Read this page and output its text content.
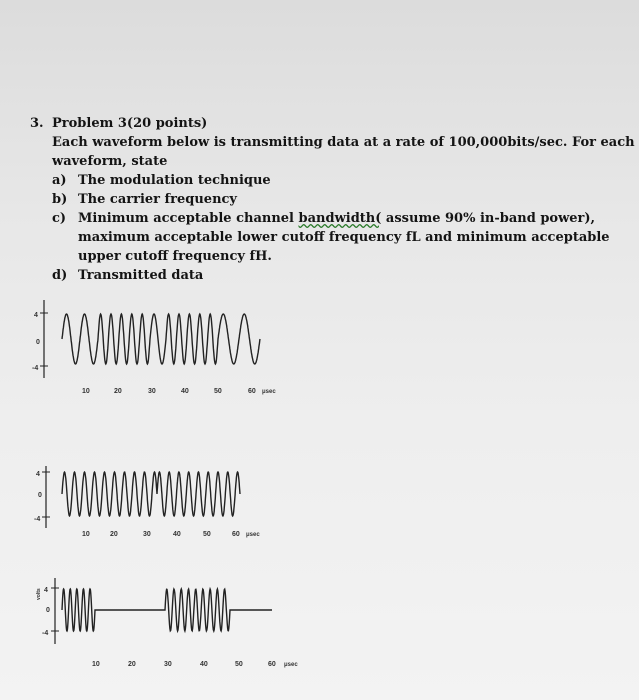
3. Problem 3(20 points)

Each waveform below is transmitting data at a rate of 100,000bits/sec. For each
waveform, state
a) The modulation technique
b) The carrier frequency
c) Minimum acceptable channel bandwidth( assume 90% in-band power),
maximum acceptable lower cutoff frequency fL and minimum acceptable
upper cutoff frequency fH.
d) Transmitted data
4
0
-4
10	20	30	40	50	60 μsec
4
0
-4
10	20	30	40	50	60 μsec
4
0
-4
volts
10	20	30	40	50	60 μsec
